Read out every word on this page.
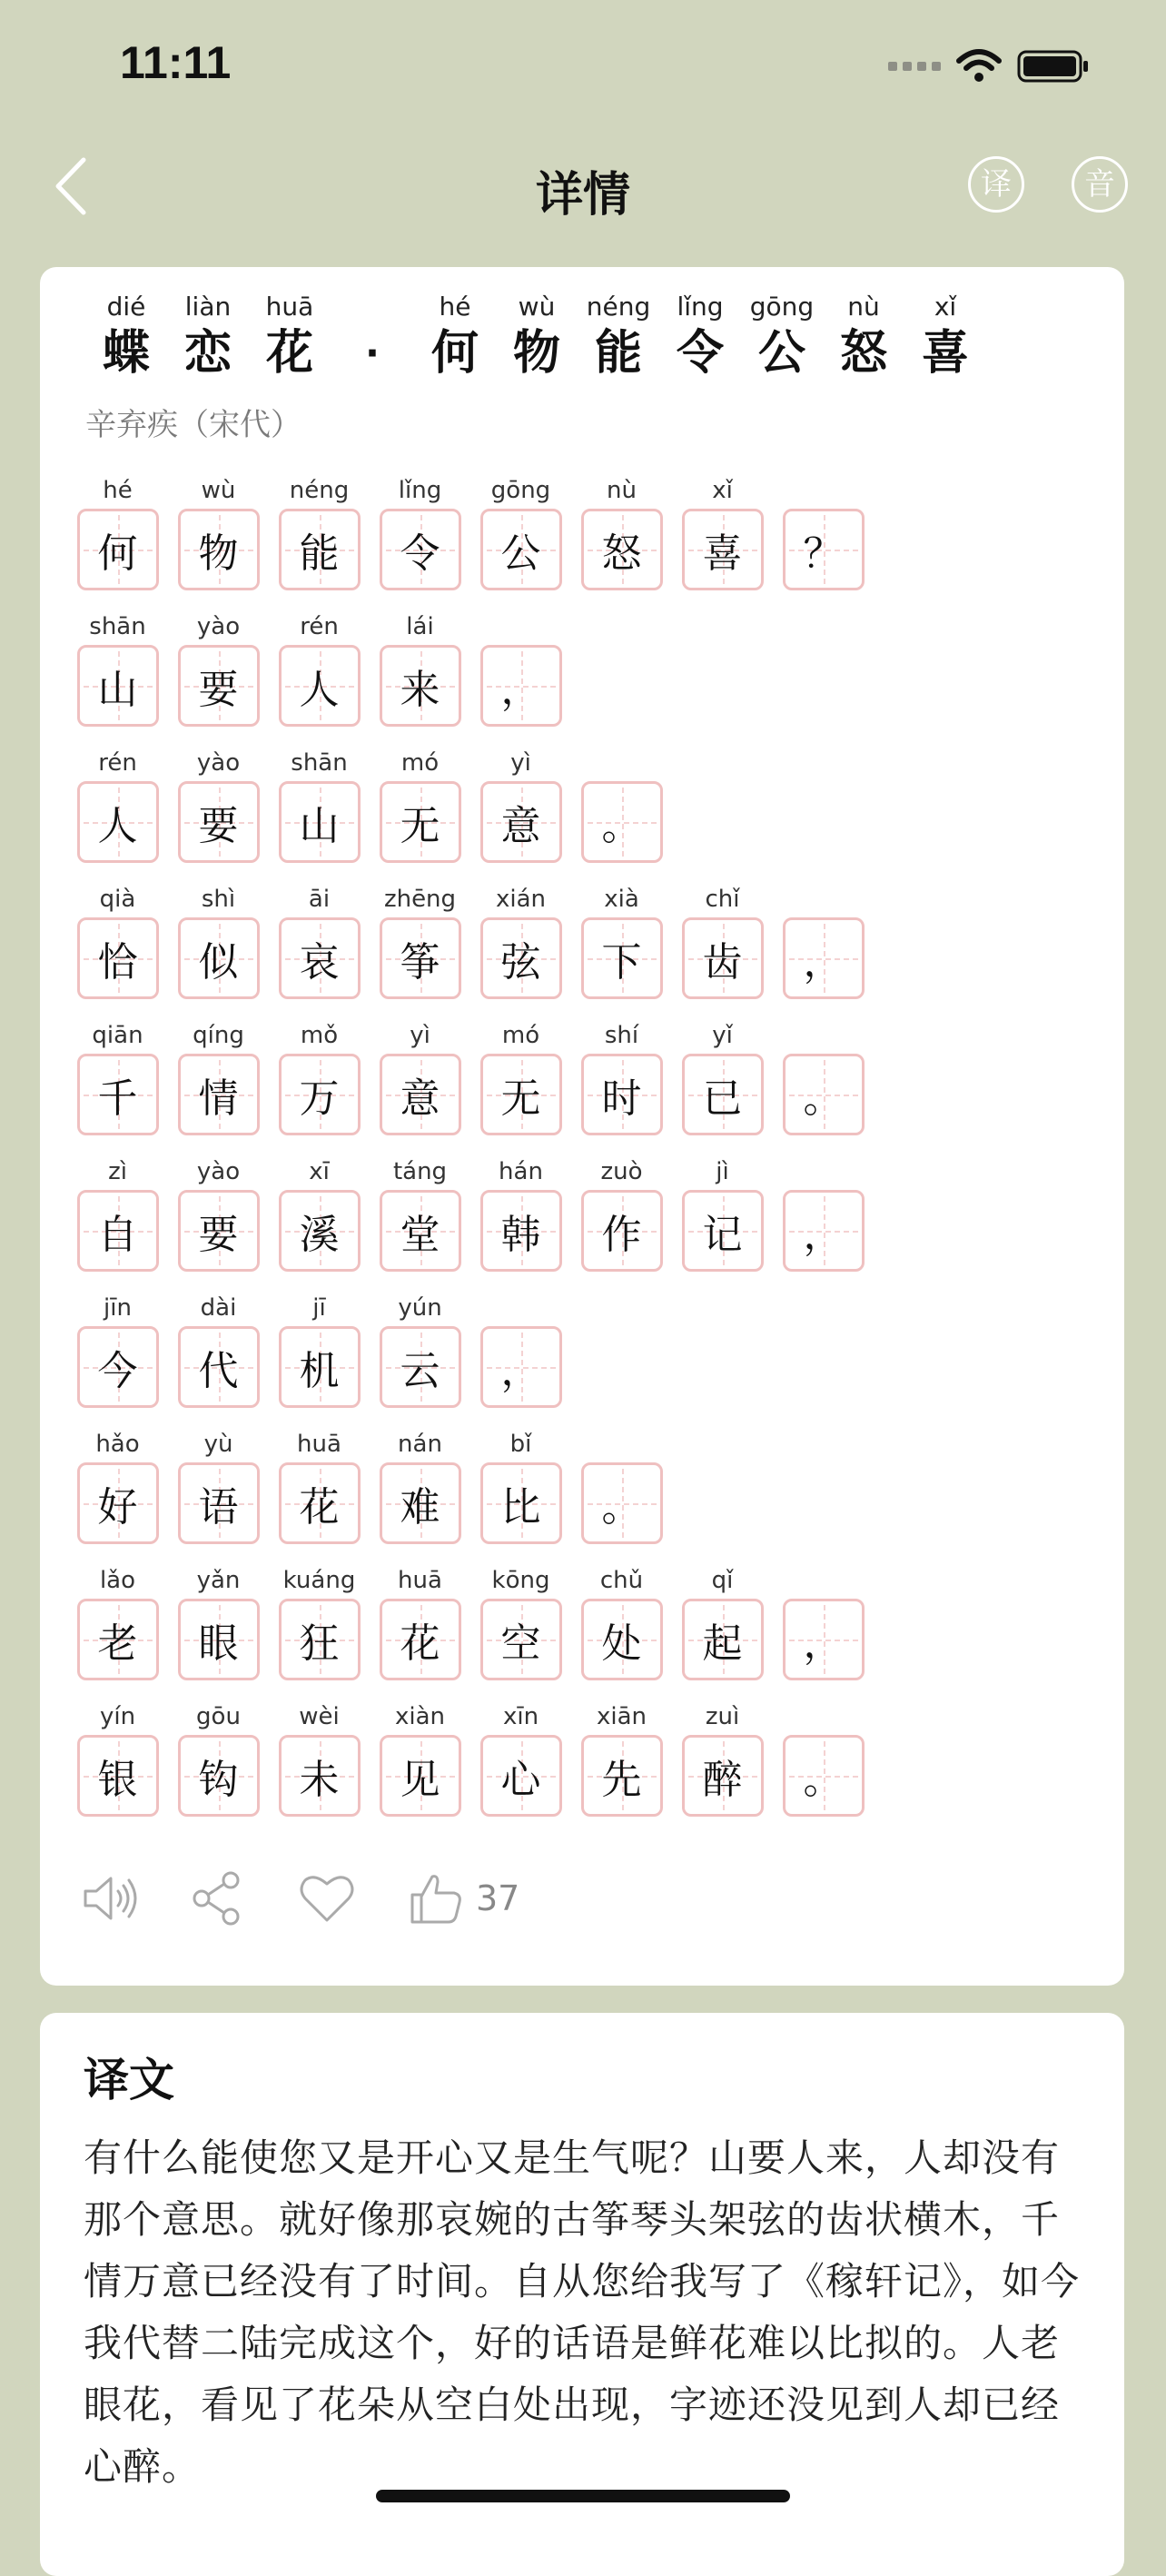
11:11
详情	译	音
dié
蝶
liàn
恋
huā
花	·
hé
何
wù
物
néng
能
lǐng
令
gōng
公
nù
怒
xǐ
喜
辛弃疾（宋代）
hé
何
wù
物
néng
能
lǐng
令
gōng
公
nù
怒
xǐ
喜 ？
shān
山
yào
要
rén
人
lái
来 ，
rén
人
yào
要
shān
山
mó
无
yì
意 。
qià
恰
shì
似
āi
哀
zhēng
筝
xián
弦
xià
下
chǐ
齿 ，
qiān
千
qíng
情
mǒ
万
yì
意
mó
无
shí
时
yǐ
已 。
zì
自
yào
要
xī
溪
táng
堂
hán
韩
zuò
作
jì
记 ，
jīn
今
dài
代
jī
机
yún
云 ，
hǎo
好
yù
语
huā
花
nán
难
bǐ
比 。
lǎo
老
yǎn
眼
kuáng
狂
huā
花
kōng
空
chǔ
处
qǐ
起 ，
yín
银
gōu
钩
wèi
未
xiàn
见
xīn
心
xiān
先
zuì
醉 。
37
译文
有什么能使您又是开心又是生气呢？山要人来，人却没有那个意思。就好像那哀婉的古筝琴头架弦的齿状横木，千情万意已经没有了时间。自从您给我写了《稼轩记》，如今我代替二陆完成这个，好的话语是鲜花难以比拟的。人老眼花，看见了花朵从空白处出现，字迹还没见到人却已经心醉。
